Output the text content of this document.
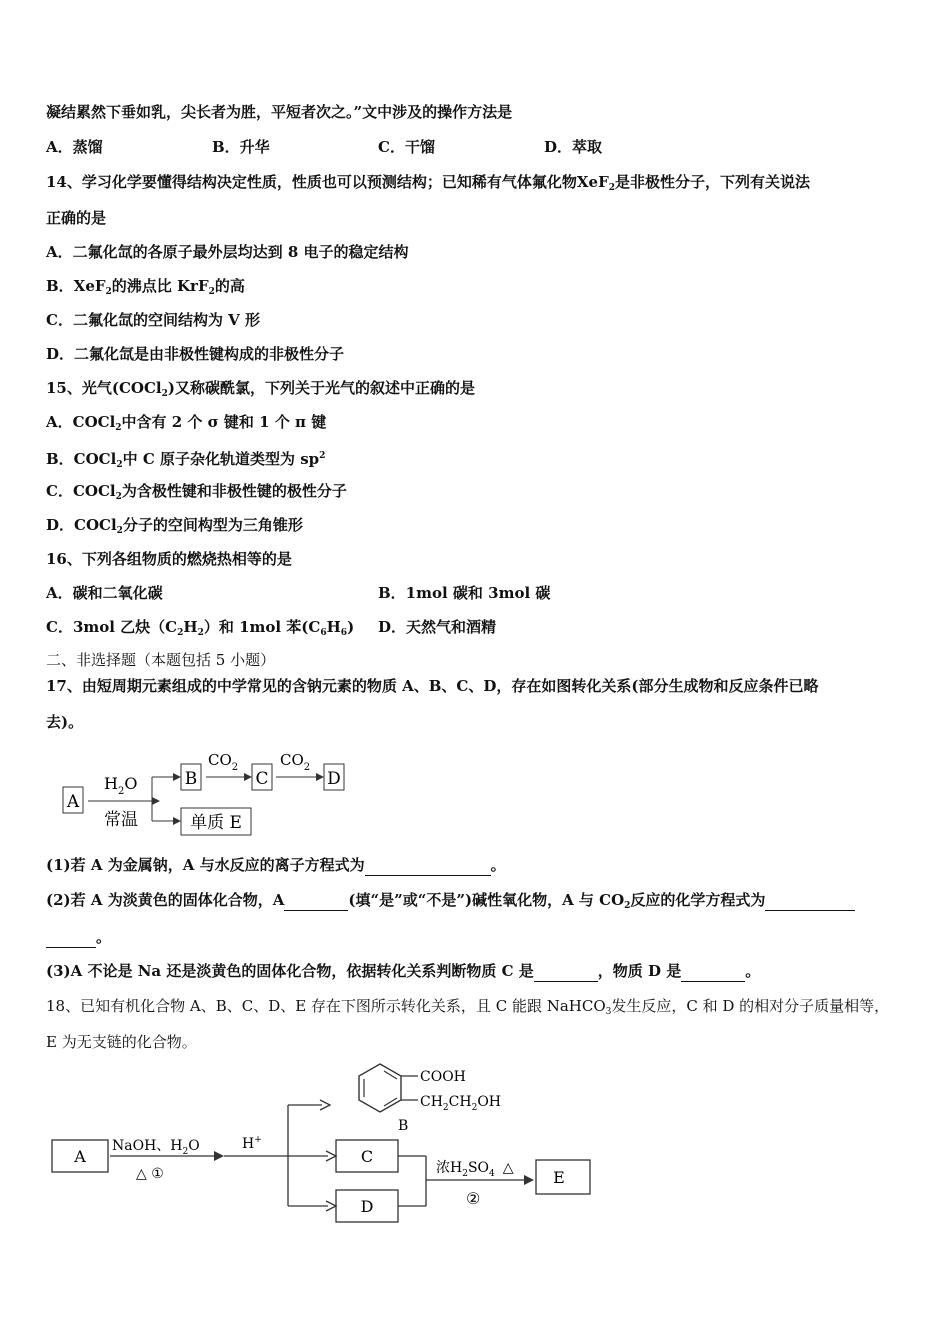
凝结累然下垂如乳，尖长者为胜，平短者次之。”文中涉及的操作方法是
A．蒸馏	B．升华	C．干馏	D．萃取
14、学习化学要懂得结构决定性质，性质也可以预测结构；已知稀有气体氟化物XeF$_2$是非极性分子，下列有关说法
正确的是
A．二氟化氙的各原子最外层均达到 8 电子的稳定结构
B．XeF$_2$的沸点比 KrF$_2$的高
C．二氟化氙的空间结构为 V 形
D．二氟化氙是由非极性键构成的非极性分子
15、光气(COCl$_2$)又称碳酰氯，下列关于光气的叙述中正确的是
A．COCl$_2$中含有 2 个 σ 键和 1 个 π 键
B．COCl$_2$中 C 原子杂化轨道类型为 $sp^2$
C．COCl$_2$为含极性键和非极性键的极性分子
D．COCl$_2$分子的空间构型为三角锥形
16、下列各组物质的燃烧热相等的是
A．碳和二氧化碳	B．1mol 碳和 3mol 碳
C．3mol 乙炔$(C_2H_2)$和 1mol 苯$(C_6H_6)$ D．天然气和酒精
二、非选择题（本题包括 5 小题）
17、由短周期元素组成的中学常见的含钠元素的物质 A、B、C、D，存在如图转化关系(部分生成物和反应条件已略
去)。
A
$H_2O$
常温
B
$CO_2$
C
$CO_2$
D
单质 E
(1)若 A 为金属钠，A 与水反应的离子方程式为	。
(2)若 A 为淡黄色的固体化合物，A	(填“是”或“不是”)碱性氧化物，A 与 $CO_2$反应的化学方程式为
。
(3)A 不论是 Na 还是淡黄色的固体化合物，依据转化关系判断物质 C 是	，物质 D 是	。
18、已知有机化合物 A、B、C、D、E 存在下图所示转化关系，且 C 能跟 NaHCO$_3$发生反应，C 和 D 的相对分子质量相等，
E 为无支链的化合物。
A
NaOH、$H_2O$
△ ①
H+
COOH
$CH_2CH_2OH$
B
C
D
浓$H_2SO_4$ △
②
E
